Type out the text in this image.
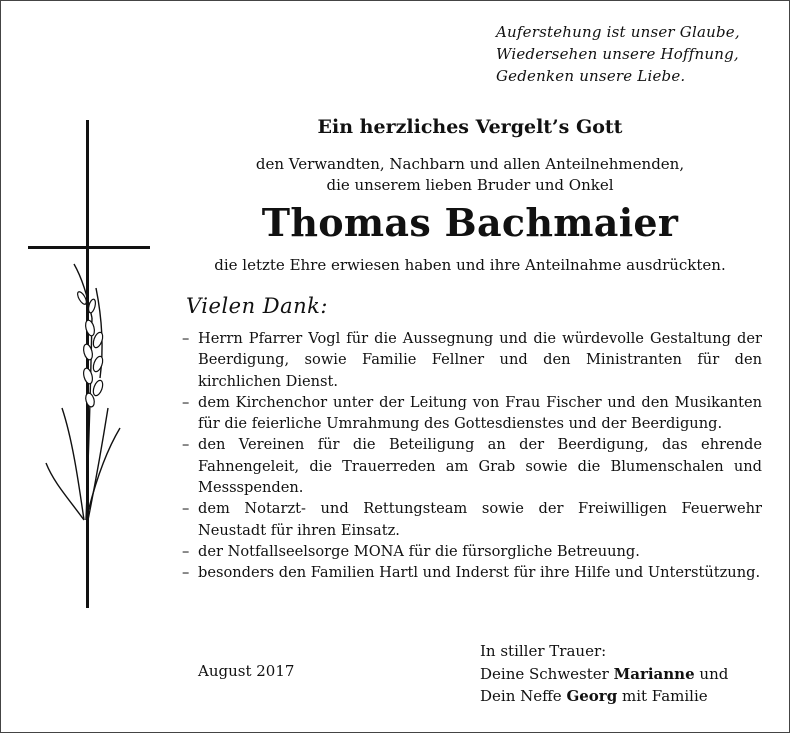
Auferstehung ist unser Glaube,
Wiedersehen unsere Hoffnung,
Gedenken unsere Liebe.
Ein herzliches Vergelt’s Gott
den Verwandten, Nachbarn und allen Anteilnehmenden,
die unserem lieben Bruder und Onkel
Thomas Bachmaier
die letzte Ehre erwiesen haben und ihre Anteilnahme ausdrückten.
Vielen Dank:
– Herrn Pfarrer Vogl für die Aussegnung und die würdevolle Gestaltung der Beerdigung, sowie Familie Fellner und den Ministranten für den kirchlichen Dienst.
– dem Kirchenchor unter der Leitung von Frau Fischer und den Musikanten für die feierliche Umrahmung des Gottesdienstes und der Beerdigung.
– den Vereinen für die Beteiligung an der Beerdigung, das ehrende Fahnengeleit, die Trauerreden am Grab sowie die Blumenschalen und Messspenden.
– dem Notarzt- und Rettungsteam sowie der Freiwilligen Feuerwehr Neustadt für ihren Einsatz.
– der Notfallseelsorge MONA für die fürsorgliche Betreuung.
– besonders den Familien Hartl und Inderst für ihre Hilfe und Unterstützung.
August 2017
In stiller Trauer:
Deine Schwester Marianne und
Dein Neffe Georg mit Familie
